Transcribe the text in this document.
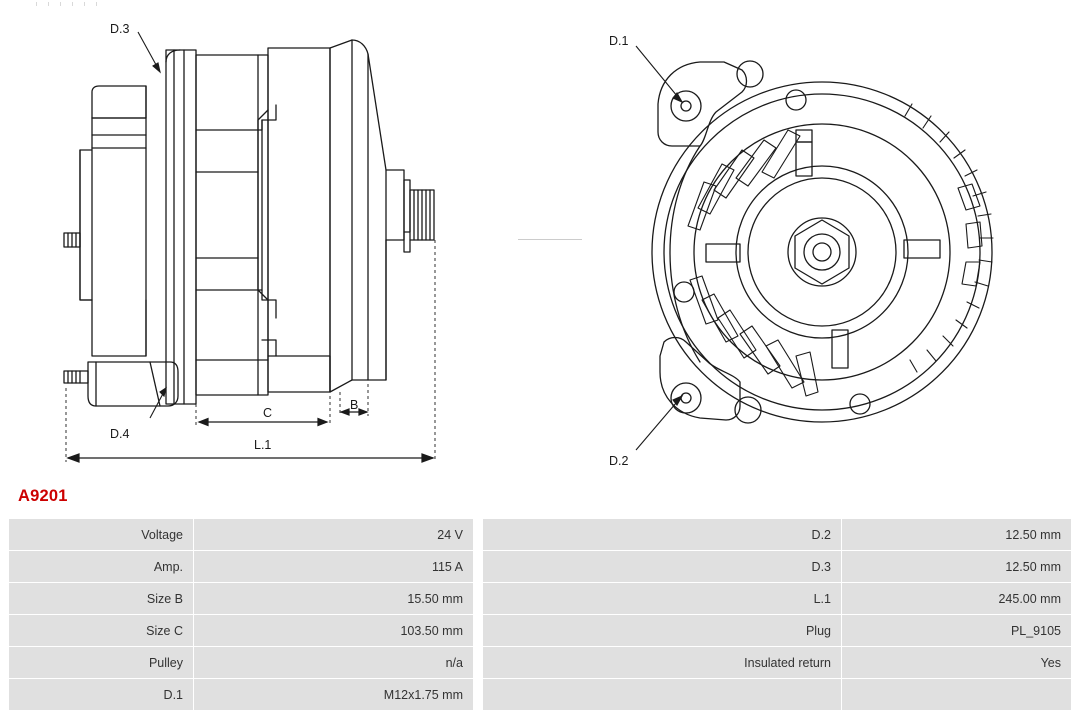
D.3
D.4
C
B
L.1
D.1
D.2
A9201
Voltage	24 V
Amp.	115 A
Size B	15.50 mm
Size C	103.50 mm
Pulley	n/a
D.1	M12x1.75 mm
D.2	12.50 mm
D.3	12.50 mm
L.1	245.00 mm
Plug	PL_9105
Insulated return	Yes
